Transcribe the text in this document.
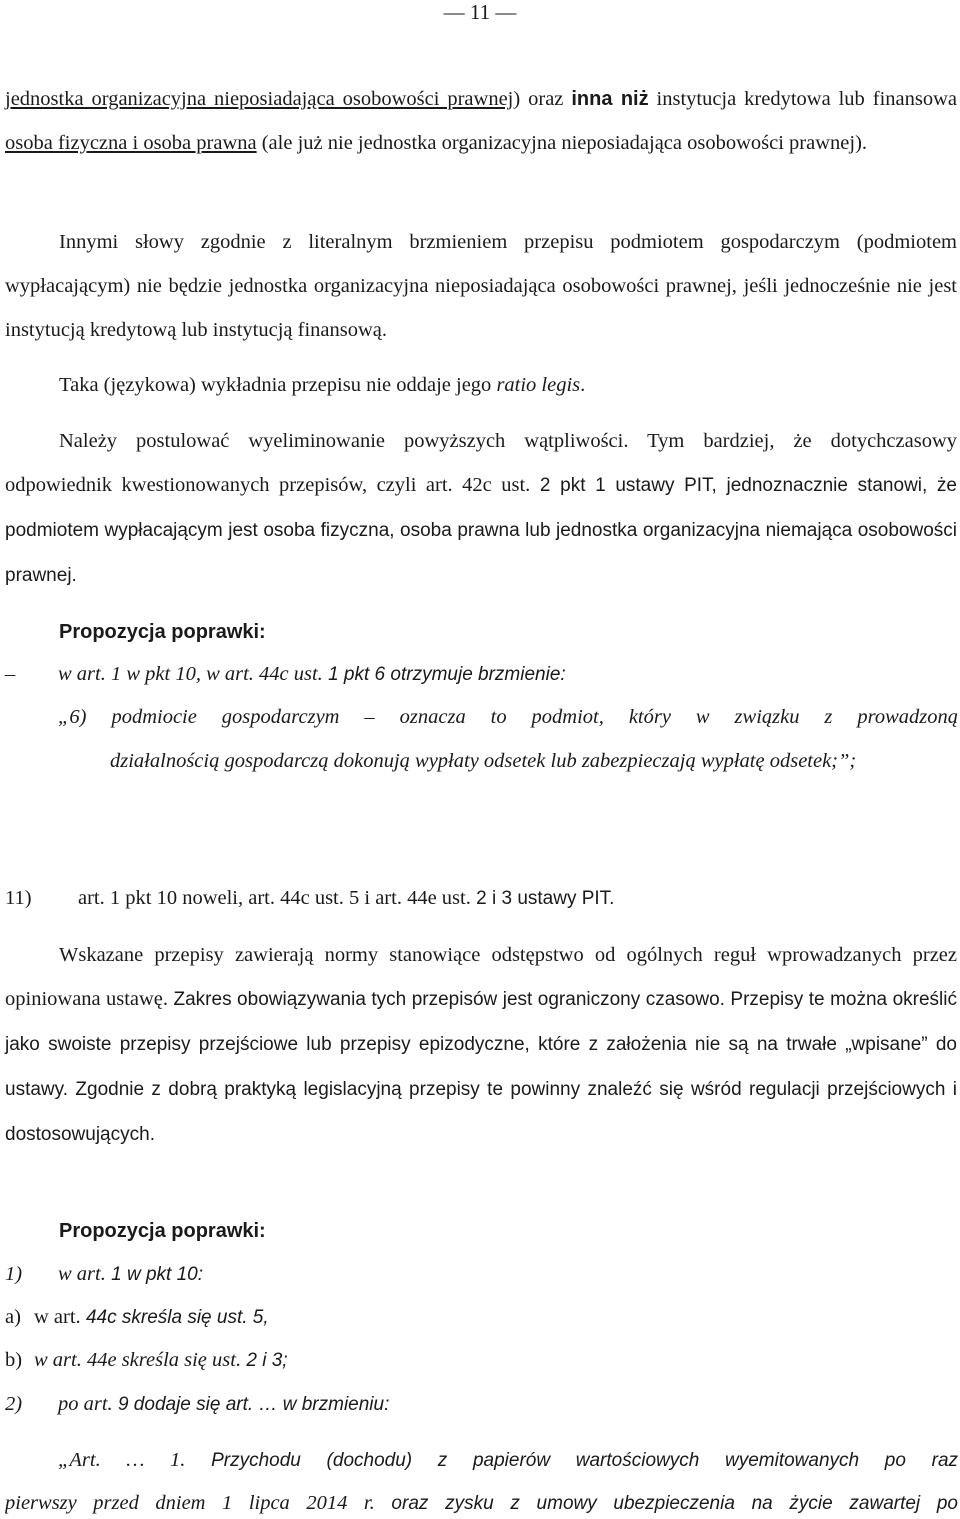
— 11 —

jednostka organizacyjna nieposiadająca osobowości prawnej) oraz inna niż instytucja kredytowa lub finansowa osoba fizyczna i osoba prawna (ale już nie jednostka organizacyjna nieposiadająca osobowości prawnej).

Innymi słowy zgodnie z literalnym brzmieniem przepisu podmiotem gospodarczym (podmiotem wypłacającym) nie będzie jednostka organizacyjna nieposiadająca osobowości prawnej, jeśli jednocześnie nie jest instytucją kredytową lub instytucją finansową.

Taka (językowa) wykładnia przepisu nie oddaje jego ratio legis.

Należy postulować wyeliminowanie powyższych wątpliwości. Tym bardziej, że dotychczasowy odpowiednik kwestionowanych przepisów, czyli art. 42c ust. 2 pkt 1 ustawy PIT, jednoznacznie stanowi, że podmiotem wypłacającym jest osoba fizyczna, osoba prawna lub jednostka organizacyjna niemająca osobowości prawnej.

Propozycja poprawki:

– w art. 1 w pkt 10, w art. 44c ust. 1 pkt 6 otrzymuje brzmienie:

„6) podmiocie gospodarczym – oznacza to podmiot, który w związku z prowadzoną

działalnością gospodarczą dokonują wypłaty odsetek lub zabezpieczają wypłatę odsetek;”;

11) art. 1 pkt 10 noweli, art. 44c ust. 5 i art. 44e ust. 2 i 3 ustawy PIT.

Wskazane przepisy zawierają normy stanowiące odstępstwo od ogólnych reguł wprowadzanych przez opiniowana ustawę. Zakres obowiązywania tych przepisów jest ograniczony czasowo. Przepisy te można określić jako swoiste przepisy przejściowe lub przepisy epizodyczne, które z założenia nie są na trwałe „wpisane” do ustawy. Zgodnie z dobrą praktyką legislacyjną przepisy te powinny znaleźć się wśród regulacji przejściowych i dostosowujących.

Propozycja poprawki:

1) w art. 1 w pkt 10:
a) w art. 44c skreśla się ust. 5,
b) w art. 44e skreśla się ust. 2 i 3;
2) po art. 9 dodaje się art. … w brzmieniu:
„Art. … 1. Przychodu (dochodu) z papierów wartościowych wyemitowanych po raz
pierwszy przed dniem 1 lipca 2014 r. oraz zysku z umowy ubezpieczenia na życie zawartej po
